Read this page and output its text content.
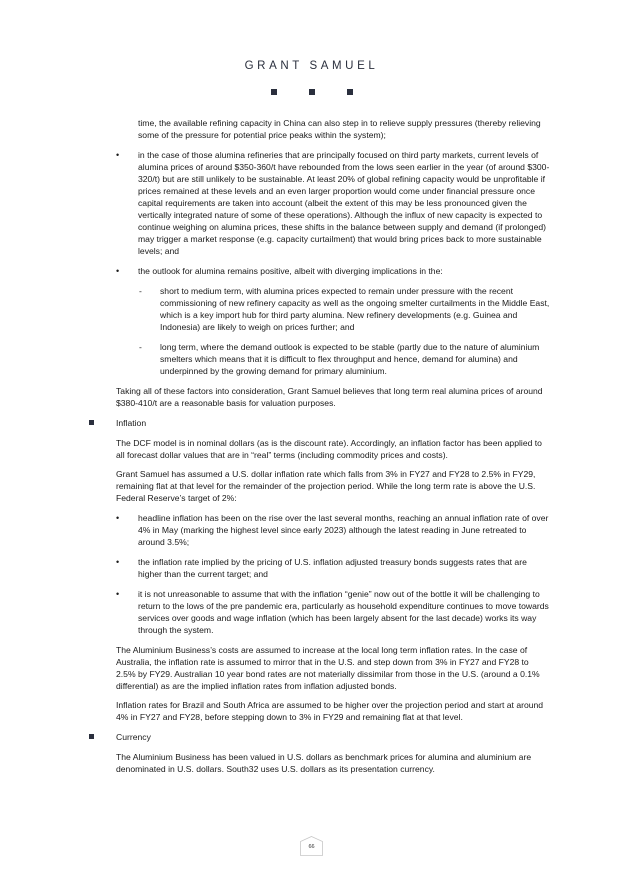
GRANT SAMUEL

time, the available refining capacity in China can also step in to relieve supply pressures (thereby relieving some of the pressure for potential price peaks within the system);

• in the case of those alumina refineries that are principally focused on third party markets, current levels of alumina prices of around $350-360/t have rebounded from the lows seen earlier in the year (of around $300-320/t) but are still unlikely to be sustainable. At least 20% of global refining capacity would be unprofitable if prices remained at these levels and an even larger proportion would come under financial pressure once capital requirements are taken into account (albeit the extent of this may be less pronounced given the vertically integrated nature of some of these operations). Although the influx of new capacity is expected to continue weighing on alumina prices, these shifts in the balance between supply and demand (if prolonged) may trigger a market response (e.g. capacity curtailment) that would bring prices back to more sustainable levels; and

• the outlook for alumina remains positive, albeit with diverging implications in the:

- short to medium term, with alumina prices expected to remain under pressure with the recent commissioning of new refinery capacity as well as the ongoing smelter curtailments in the Middle East, which is a key import hub for third party alumina. New refinery developments (e.g. Guinea and Indonesia) are likely to weigh on prices further; and

- long term, where the demand outlook is expected to be stable (partly due to the nature of aluminium smelters which means that it is difficult to flex throughput and hence, demand for alumina) and underpinned by the growing demand for primary aluminium.

Taking all of these factors into consideration, Grant Samuel believes that long term real alumina prices of around $380-410/t are a reasonable basis for valuation purposes.

Inflation

The DCF model is in nominal dollars (as is the discount rate). Accordingly, an inflation factor has been applied to all forecast dollar values that are in “real” terms (including commodity prices and costs).

Grant Samuel has assumed a U.S. dollar inflation rate which falls from 3% in FY27 and FY28 to 2.5% in FY29, remaining flat at that level for the remainder of the projection period. While the long term rate is above the U.S. Federal Reserve’s target of 2%:

• headline inflation has been on the rise over the last several months, reaching an annual inflation rate of over 4% in May (marking the highest level since early 2023) although the latest reading in June retreated to around 3.5%;

• the inflation rate implied by the pricing of U.S. inflation adjusted treasury bonds suggests rates that are higher than the current target; and

• it is not unreasonable to assume that with the inflation “genie” now out of the bottle it will be challenging to return to the lows of the pre pandemic era, particularly as household expenditure continues to move towards services over goods and wage inflation (which has been largely absent for the last decade) works its way through the system.

The Aluminium Business’s costs are assumed to increase at the local long term inflation rates. In the case of Australia, the inflation rate is assumed to mirror that in the U.S. and step down from 3% in FY27 and FY28 to 2.5% by FY29. Australian 10 year bond rates are not materially dissimilar from those in the U.S. (around a 0.1% differential) as are the implied inflation rates from inflation adjusted bonds.

Inflation rates for Brazil and South Africa are assumed to be higher over the projection period and start at around 4% in FY27 and FY28, before stepping down to 3% in FY29 and remaining flat at that level.

Currency

The Aluminium Business has been valued in U.S. dollars as benchmark prices for alumina and aluminium are denominated in U.S. dollars. South32 uses U.S. dollars as its presentation currency.

66
